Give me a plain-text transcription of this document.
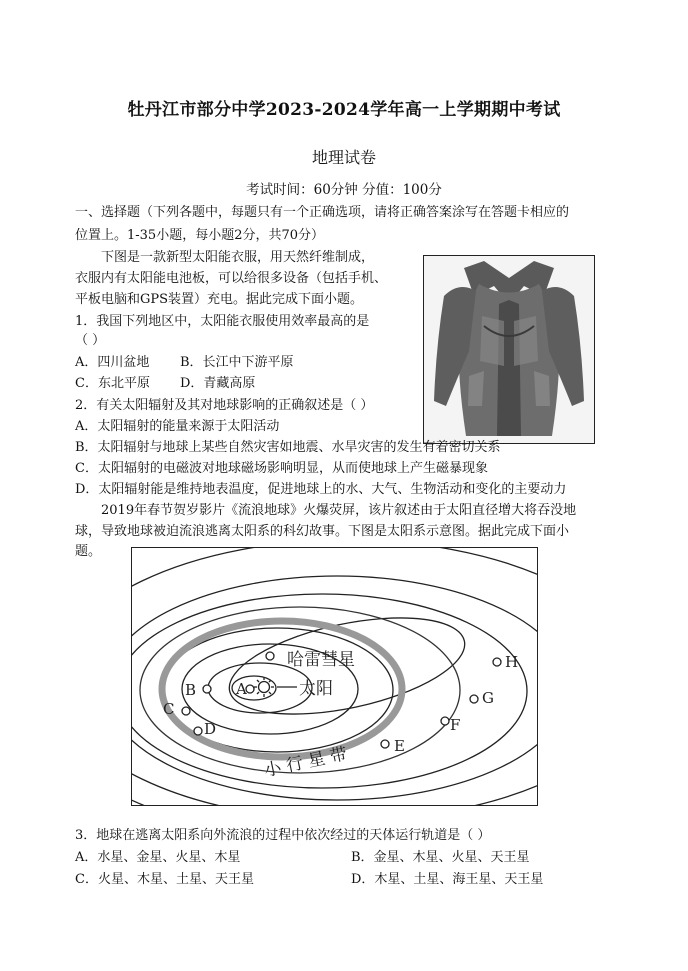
牡丹江市部分中学2023-2024学年高一上学期期中考试
地理试卷
考试时间：60分钟 分值：100分
一、选择题（下列各题中，每题只有一个正确选项，请将正确答案涂写在答题卡相应的
位置上。1-35小题，每小题2分，共70分）
下图是一款新型太阳能衣服，用天然纤维制成，
衣服内有太阳能电池板，可以给很多设备（包括手机、
平板电脑和GPS装置）充电。据此完成下面小题。
1．我国下列地区中，太阳能衣服使用效率最高的是
（ ）
A．四川盆地 B．长江中下游平原
C．东北平原 D．青藏高原
2．有关太阳辐射及其对地球影响的正确叙述是（ ）
A．太阳辐射的能量来源于太阳活动
B．太阳辐射与地球上某些自然灾害如地震、水旱灾害的发生有着密切关系
C．太阳辐射的电磁波对地球磁场影响明显，从而使地球上产生磁暴现象
D．太阳辐射能是维持地表温度，促进地球上的水、大气、生物活动和变化的主要动力
2019年春节贺岁影片《流浪地球》火爆荧屏，该片叙述由于太阳直径增大将吞没地
球，导致地球被迫流浪逃离太阳系的科幻故事。下图是太阳系示意图。据此完成下面小
题。
A
B
C
D
E
F
G
H
哈雷彗星
太阳
小 行 星 带
3．地球在逃离太阳系向外流浪的过程中依次经过的天体运行轨道是（ ）
A．水星、金星、火星、木星	B．金星、木星、火星、天王星
C．火星、木星、土星、天王星	D．木星、土星、海王星、天王星
